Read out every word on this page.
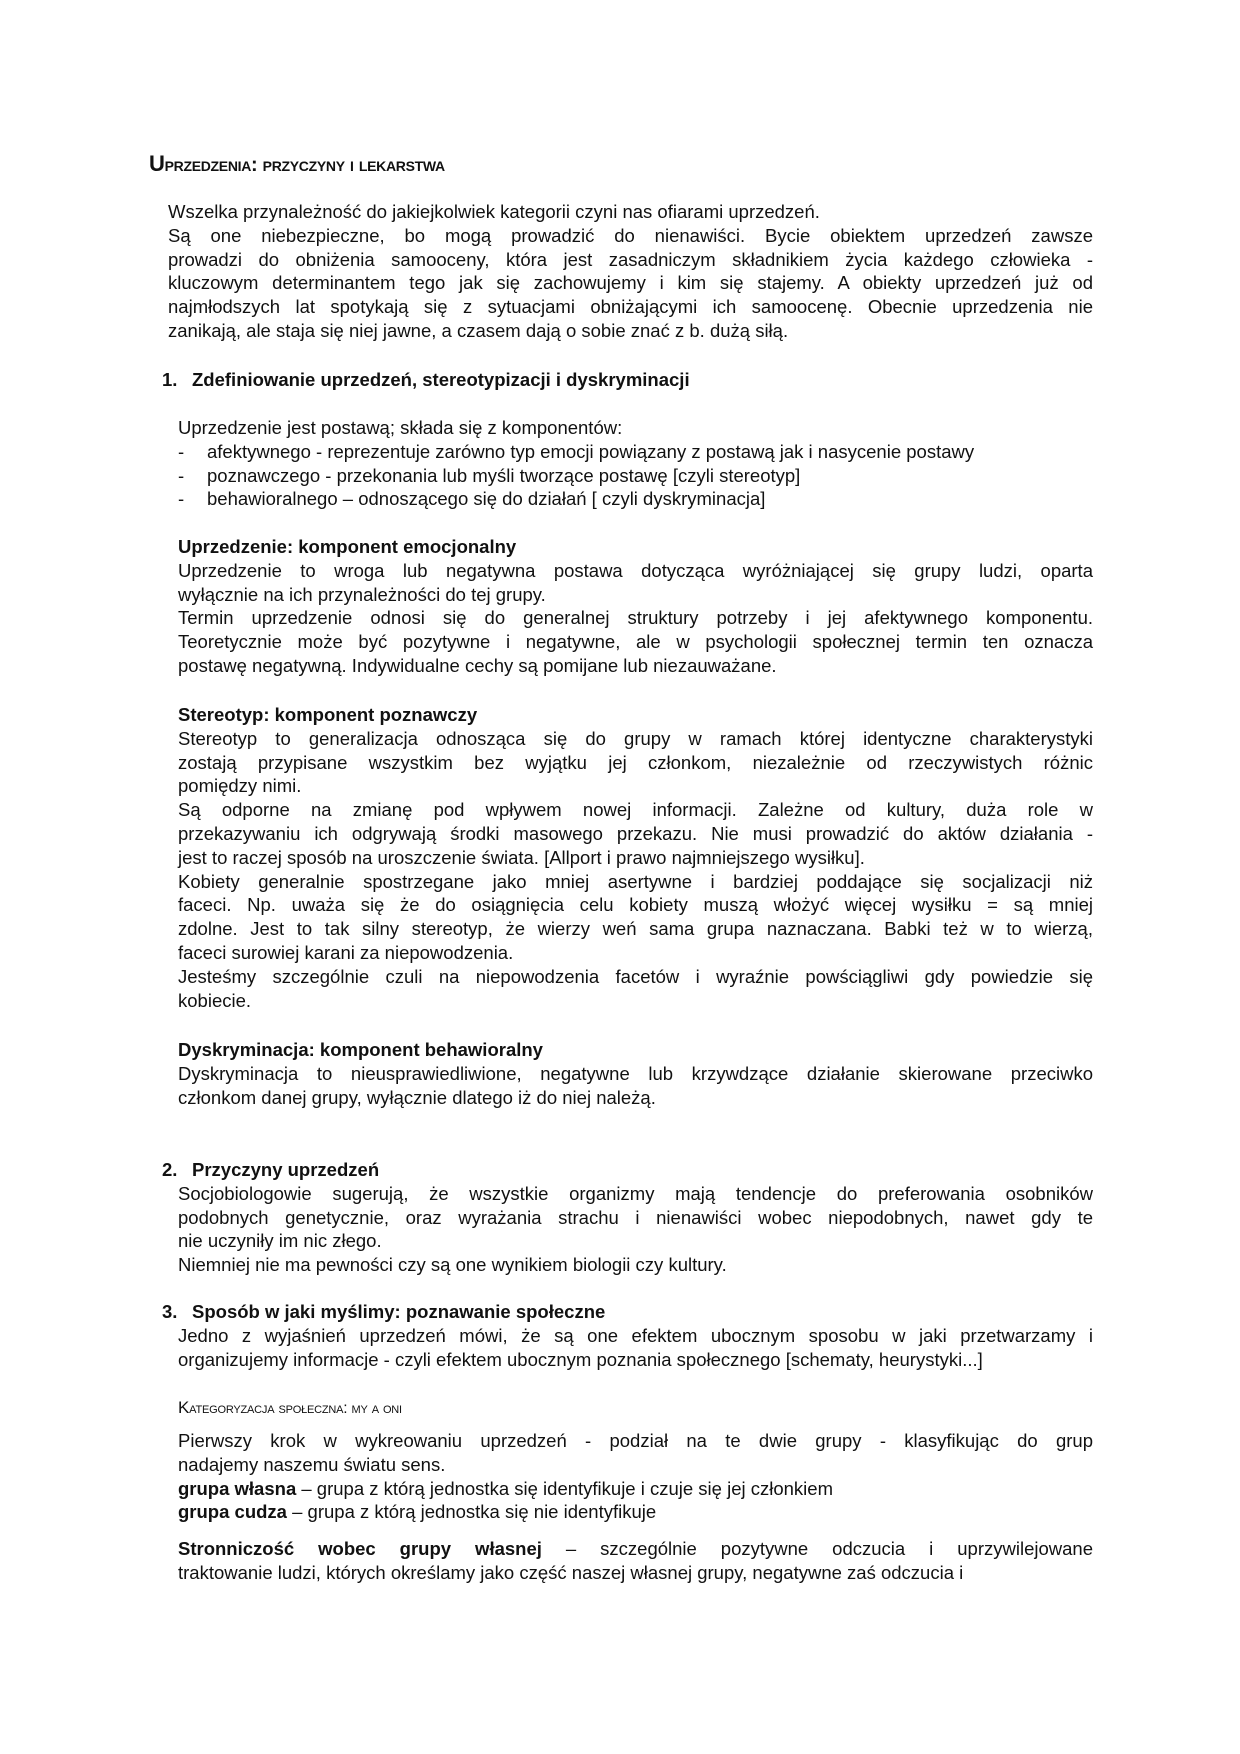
Uprzedzenia: przyczyny i lekarstwa
Wszelka przynależność do jakiejkolwiek kategorii czyni nas ofiarami uprzedzeń.
Są one niebezpieczne, bo mogą prowadzić do nienawiści. Bycie obiektem uprzedzeń zawsze
prowadzi do obniżenia samooceny, która jest zasadniczym składnikiem życia każdego człowieka -
kluczowym determinantem tego jak się zachowujemy i kim się stajemy. A obiekty uprzedzeń już od
najmłodszych lat spotykają się z sytuacjami obniżającymi ich samoocenę. Obecnie uprzedzenia nie
zanikają, ale staja się niej jawne, a czasem dają o sobie znać z b. dużą siłą.
1. Zdefiniowanie uprzedzeń, stereotypizacji i dyskryminacji
Uprzedzenie jest postawą; składa się z komponentów:
-	afektywnego - reprezentuje zarówno typ emocji powiązany z postawą jak i nasycenie postawy
-	poznawczego - przekonania lub myśli tworzące postawę [czyli stereotyp]
-	behawioralnego – odnoszącego się do działań [ czyli dyskryminacja]
Uprzedzenie: komponent emocjonalny
Uprzedzenie to wroga lub negatywna postawa dotycząca wyróżniającej się grupy ludzi, oparta
wyłącznie na ich przynależności do tej grupy.
Termin uprzedzenie odnosi się do generalnej struktury potrzeby i jej afektywnego komponentu.
Teoretycznie może być pozytywne i negatywne, ale w psychologii społecznej termin ten oznacza
postawę negatywną. Indywidualne cechy są pomijane lub niezauważane.
Stereotyp: komponent poznawczy
Stereotyp to generalizacja odnosząca się do grupy w ramach której identyczne charakterystyki
zostają przypisane wszystkim bez wyjątku jej członkom, niezależnie od rzeczywistych różnic
pomiędzy nimi.
Są odporne na zmianę pod wpływem nowej informacji. Zależne od kultury, duża role w
przekazywaniu ich odgrywają środki masowego przekazu. Nie musi prowadzić do aktów działania -
jest to raczej sposób na uroszczenie świata. [Allport i prawo najmniejszego wysiłku].
Kobiety generalnie spostrzegane jako mniej asertywne i bardziej poddające się socjalizacji niż
faceci. Np. uważa się że do osiągnięcia celu kobiety muszą włożyć więcej wysiłku = są mniej
zdolne. Jest to tak silny stereotyp, że wierzy weń sama grupa naznaczana. Babki też w to wierzą,
faceci surowiej karani za niepowodzenia.
Jesteśmy szczególnie czuli na niepowodzenia facetów i wyraźnie powściągliwi gdy powiedzie się
kobiecie.
Dyskryminacja: komponent behawioralny
Dyskryminacja to nieusprawiedliwione, negatywne lub krzywdzące działanie skierowane przeciwko
członkom danej grupy, wyłącznie dlatego iż do niej należą.
2. Przyczyny uprzedzeń
Socjobiologowie sugerują, że wszystkie organizmy mają tendencje do preferowania osobników
podobnych genetycznie, oraz wyrażania strachu i nienawiści wobec niepodobnych, nawet gdy te
nie uczyniły im nic złego.
Niemniej nie ma pewności czy są one wynikiem biologii czy kultury.
3. Sposób w jaki myślimy: poznawanie społeczne
Jedno z wyjaśnień uprzedzeń mówi, że są one efektem ubocznym sposobu w jaki przetwarzamy i
organizujemy informacje - czyli efektem ubocznym poznania społecznego [schematy, heurystyki...]
Kategoryzacja społeczna: my a oni
Pierwszy krok w wykreowaniu uprzedzeń - podział na te dwie grupy - klasyfikując do grup
nadajemy naszemu światu sens.
grupa własna – grupa z którą jednostka się identyfikuje i czuje się jej członkiem
grupa cudza – grupa z którą jednostka się nie identyfikuje
Stronniczość wobec grupy własnej – szczególnie pozytywne odczucia i uprzywilejowane
traktowanie ludzi, których określamy jako część naszej własnej grupy, negatywne zaś odczucia i
